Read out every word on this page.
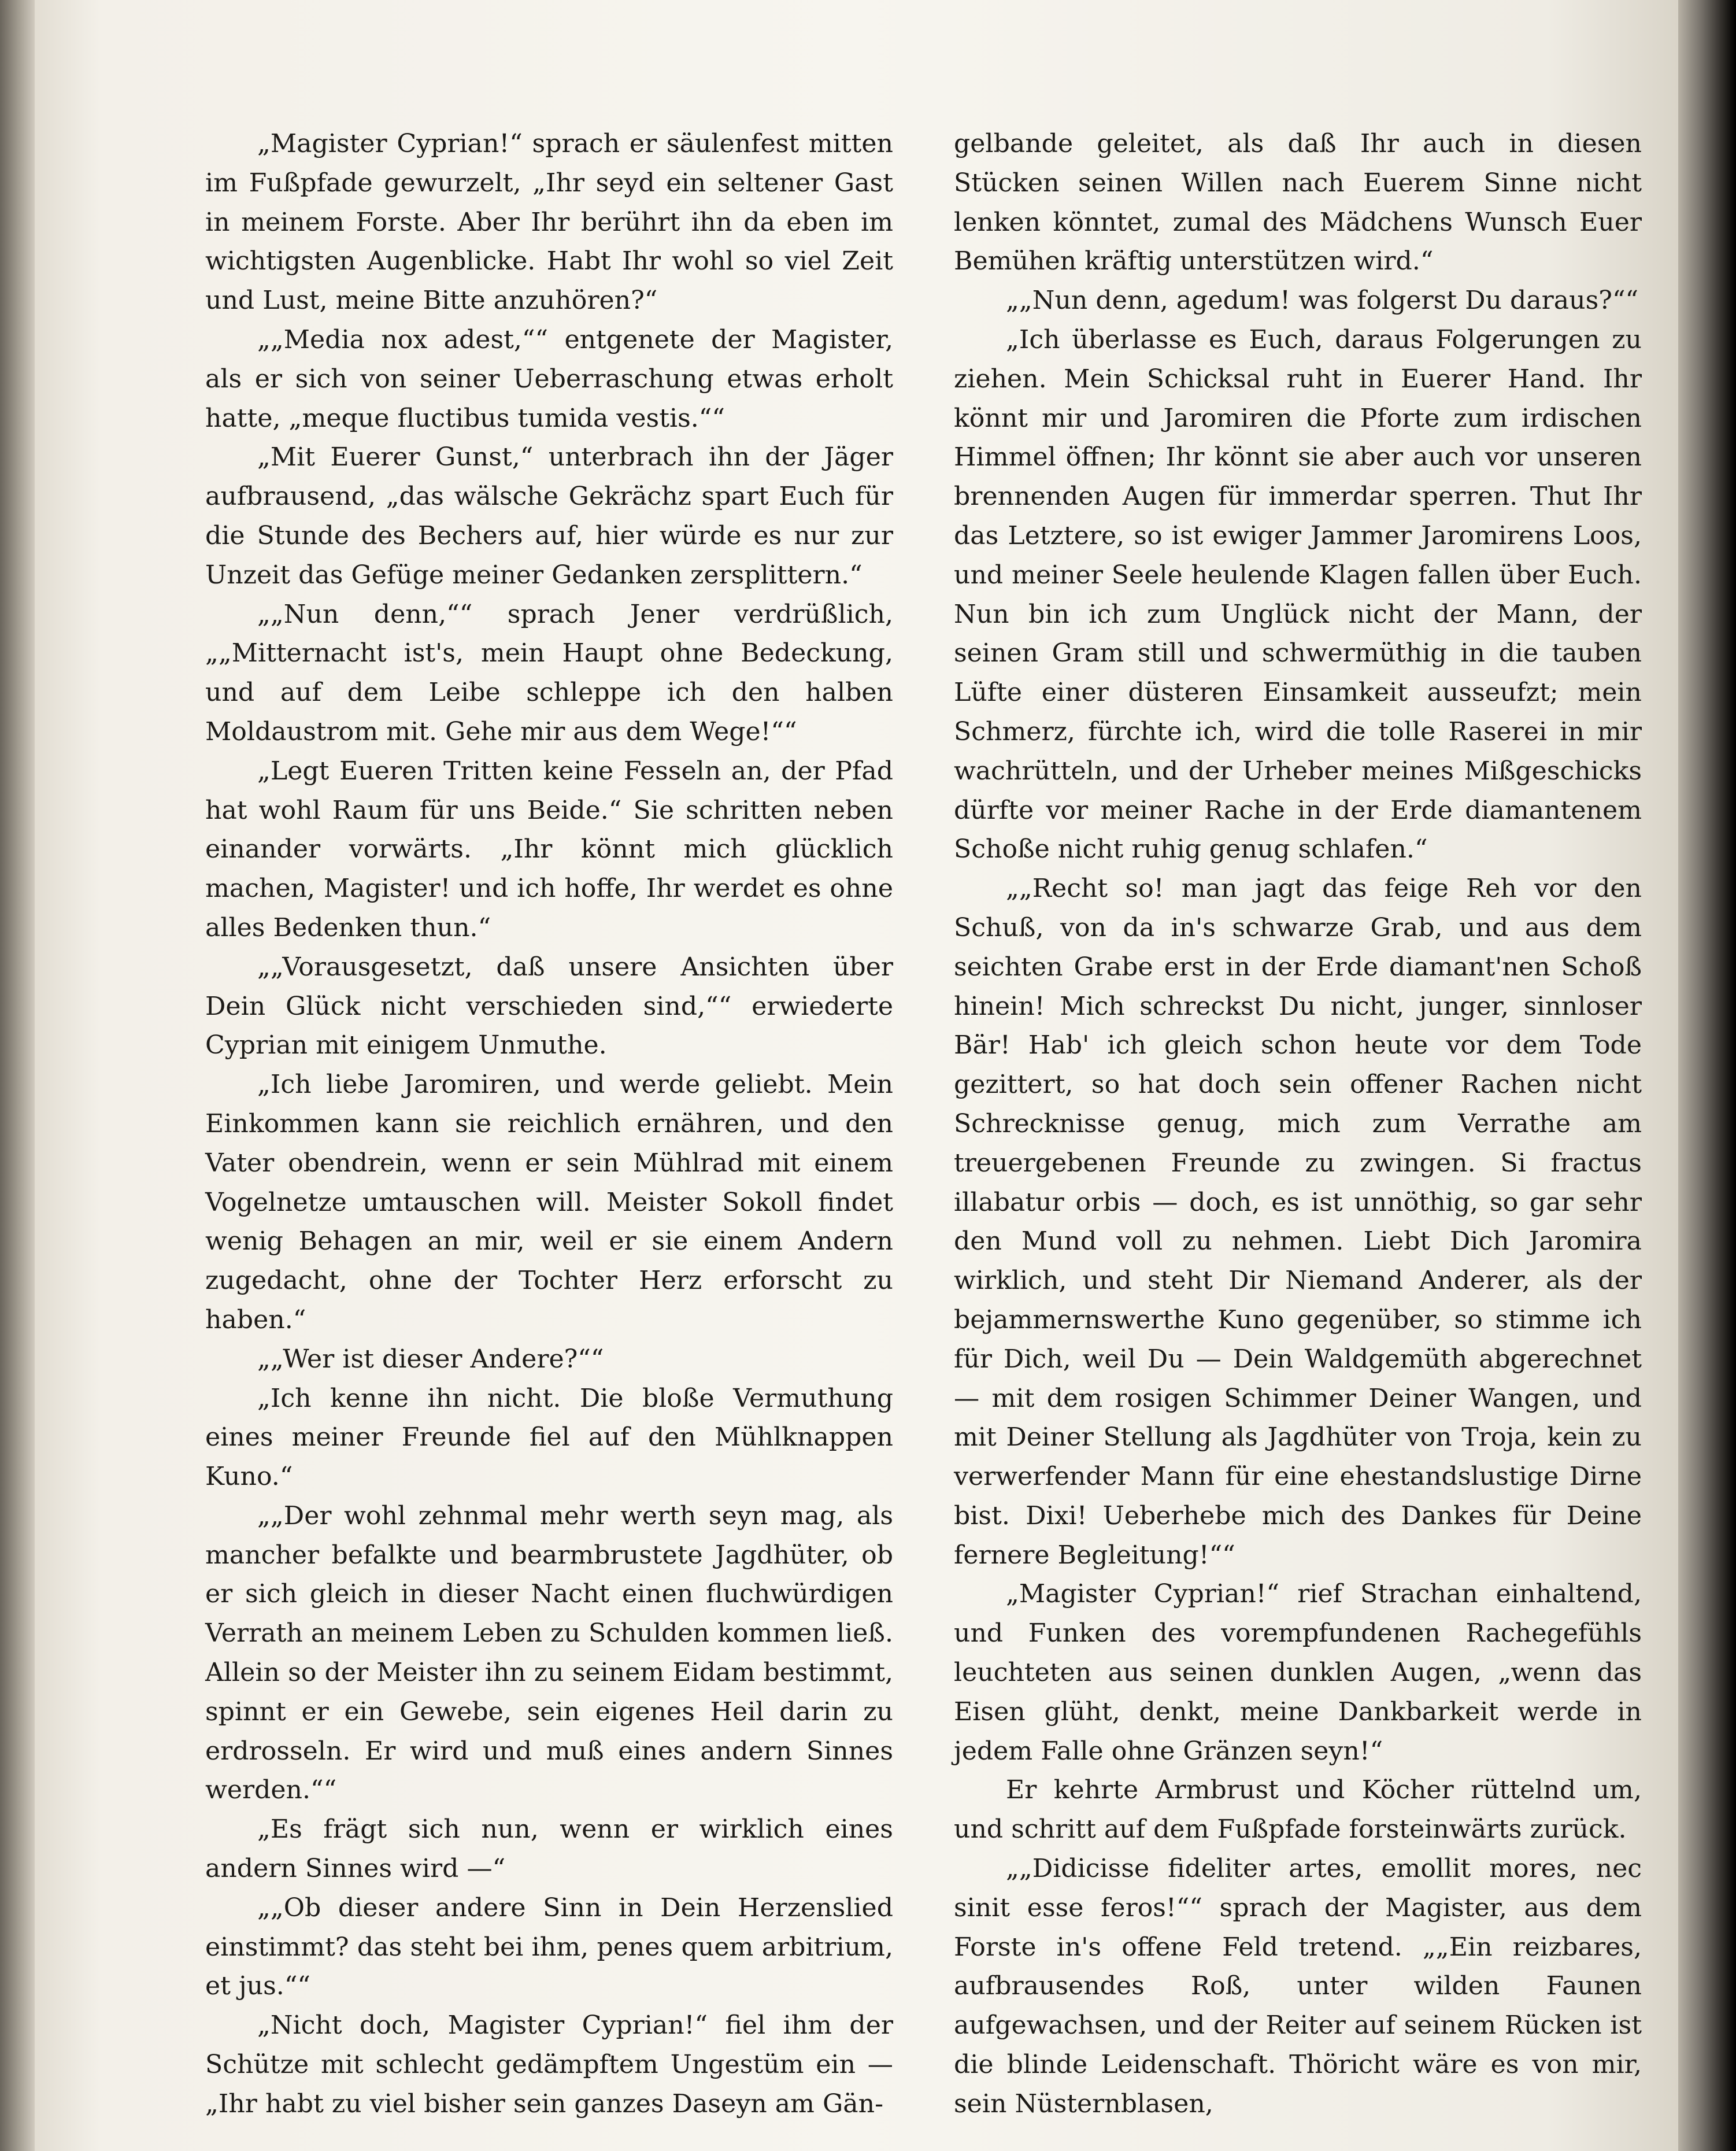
„Magister Cyprian!“ sprach er säulenfest mitten im Fußpfade gewurzelt, „Ihr seyd ein seltener Gast in meinem Forste. Aber Ihr berührt ihn da eben im wichtigsten Augenblicke. Habt Ihr wohl so viel Zeit und Lust, meine Bitte anzuhören?“

„„Media nox adest,““ entgenete der Magister, als er sich von seiner Ueberraschung etwas erholt hatte, „meque fluctibus tumida vestis.““

„Mit Euerer Gunst,“ unterbrach ihn der Jäger aufbrausend, „das wälsche Gekrächz spart Euch für die Stunde des Bechers auf, hier würde es nur zur Unzeit das Gefüge meiner Gedanken zersplittern.“

„„Nun denn,““ sprach Jener verdrüßlich, „„Mitternacht ist's, mein Haupt ohne Bedeckung, und auf dem Leibe schleppe ich den halben Moldaustrom mit. Gehe mir aus dem Wege!““

„Legt Eueren Tritten keine Fesseln an, der Pfad hat wohl Raum für uns Beide.“ Sie schritten neben einander vorwärts. „Ihr könnt mich glücklich machen, Magister! und ich hoffe, Ihr werdet es ohne alles Bedenken thun.“

„„Vorausgesetzt, daß unsere Ansichten über Dein Glück nicht verschieden sind,““ erwiederte Cyprian mit einigem Unmuthe.

„Ich liebe Jaromiren, und werde geliebt. Mein Einkommen kann sie reichlich ernähren, und den Vater obendrein, wenn er sein Mühlrad mit einem Vogelnetze umtauschen will. Meister Sokoll findet wenig Behagen an mir, weil er sie einem Andern zugedacht, ohne der Tochter Herz erforscht zu haben.“

„„Wer ist dieser Andere?““

„Ich kenne ihn nicht. Die bloße Vermuthung eines meiner Freunde fiel auf den Mühlknappen Kuno.“

„„Der wohl zehnmal mehr werth seyn mag, als mancher befalkte und bearmbrustete Jagdhüter, ob er sich gleich in dieser Nacht einen fluchwürdigen Verrath an meinem Leben zu Schulden kommen ließ. Allein so der Meister ihn zu seinem Eidam bestimmt, spinnt er ein Gewebe, sein eigenes Heil darin zu erdrosseln. Er wird und muß eines andern Sinnes werden.““

„Es frägt sich nun, wenn er wirklich eines andern Sinnes wird —“

„„Ob dieser andere Sinn in Dein Herzenslied einstimmt? das steht bei ihm, penes quem arbitrium, et jus.““

„Nicht doch, Magister Cyprian!“ fiel ihm der Schütze mit schlecht gedämpftem Ungestüm ein — „Ihr habt zu viel bisher sein ganzes Daseyn am Gän-

gelbande geleitet, als daß Ihr auch in diesen Stücken seinen Willen nach Euerem Sinne nicht lenken könntet, zumal des Mädchens Wunsch Euer Bemühen kräftig unterstützen wird.“

„„Nun denn, agedum! was folgerst Du daraus?““

„Ich überlasse es Euch, daraus Folgerungen zu ziehen. Mein Schicksal ruht in Euerer Hand. Ihr könnt mir und Jaromiren die Pforte zum irdischen Himmel öffnen; Ihr könnt sie aber auch vor unseren brennenden Augen für immerdar sperren. Thut Ihr das Letztere, so ist ewiger Jammer Jaromirens Loos, und meiner Seele heulende Klagen fallen über Euch. Nun bin ich zum Unglück nicht der Mann, der seinen Gram still und schwermüthig in die tauben Lüfte einer düsteren Einsamkeit ausseufzt; mein Schmerz, fürchte ich, wird die tolle Raserei in mir wachrütteln, und der Urheber meines Mißgeschicks dürfte vor meiner Rache in der Erde diamantenem Schoße nicht ruhig genug schlafen.“

„„Recht so! man jagt das feige Reh vor den Schuß, von da in's schwarze Grab, und aus dem seichten Grabe erst in der Erde diamant'nen Schoß hinein! Mich schreckst Du nicht, junger, sinnloser Bär! Hab' ich gleich schon heute vor dem Tode gezittert, so hat doch sein offener Rachen nicht Schrecknisse genug, mich zum Verrathe am treuergebenen Freunde zu zwingen. Si fractus illabatur orbis — doch, es ist unnöthig, so gar sehr den Mund voll zu nehmen. Liebt Dich Jaromira wirklich, und steht Dir Niemand Anderer, als der bejammernswerthe Kuno gegenüber, so stimme ich für Dich, weil Du — Dein Waldgemüth abgerechnet — mit dem rosigen Schimmer Deiner Wangen, und mit Deiner Stellung als Jagdhüter von Troja, kein zu verwerfender Mann für eine ehestandslustige Dirne bist. Dixi! Ueberhebe mich des Dankes für Deine fernere Begleitung!““

„Magister Cyprian!“ rief Strachan einhaltend, und Funken des vorempfundenen Rachegefühls leuchteten aus seinen dunklen Augen, „wenn das Eisen glüht, denkt, meine Dankbarkeit werde in jedem Falle ohne Gränzen seyn!“

Er kehrte Armbrust und Köcher rüttelnd um, und schritt auf dem Fußpfade forsteinwärts zurück.

„„Didicisse fideliter artes, emollit mores, nec sinit esse feros!““ sprach der Magister, aus dem Forste in's offene Feld tretend. „„Ein reizbares, aufbrausendes Roß, unter wilden Faunen aufgewachsen, und der Reiter auf seinem Rücken ist die blinde Leidenschaft. Thöricht wäre es von mir, sein Nüsternblasen,
